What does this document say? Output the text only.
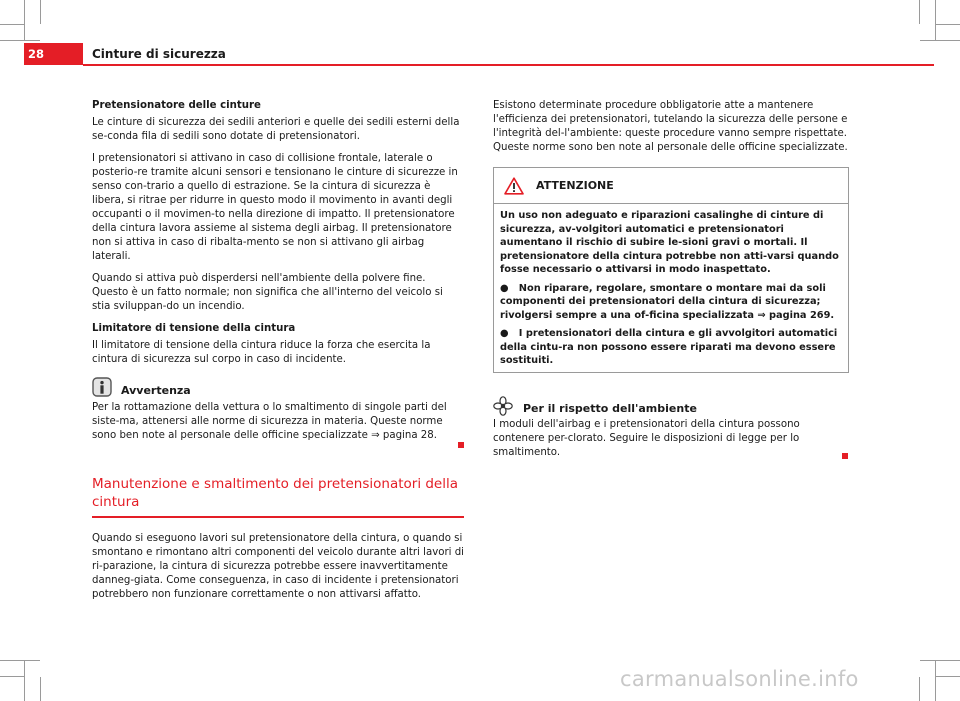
28	Cinture di sicurezza
Pretensionatore delle cinture

Le cinture di sicurezza dei sedili anteriori e quelle dei sedili esterni della se-conda fila di sedili sono dotate di pretensionatori.

I pretensionatori si attivano in caso di collisione frontale, laterale o posterio-re tramite alcuni sensori e tensionano le cinture di sicurezze in senso con-trario a quello di estrazione. Se la cintura di sicurezza è libera, si ritrae per ridurre in questo modo il movimento in avanti degli occupanti o il movimen-to nella direzione di impatto. Il pretensionatore della cintura lavora assieme al sistema degli airbag. Il pretensionatore non si attiva in caso di ribalta-mento se non si attivano gli airbag laterali.

Quando si attiva può disperdersi nell'ambiente della polvere fine. Questo è un fatto normale; non significa che all'interno del veicolo si stia sviluppan-do un incendio.

Limitatore di tensione della cintura

Il limitatore di tensione della cintura riduce la forza che esercita la cintura di sicurezza sul corpo in caso di incidente.

Avvertenza

Per la rottamazione della vettura o lo smaltimento di singole parti del siste-ma, attenersi alle norme di sicurezza in materia. Queste norme sono ben note al personale delle officine specializzate ⇒ pagina 28.

Manutenzione e smaltimento dei pretensionatori della cintura

Quando si eseguono lavori sul pretensionatore della cintura, o quando si smontano e rimontano altri componenti del veicolo durante altri lavori di ri-parazione, la cintura di sicurezza potrebbe essere inavvertitamente danneg-giata. Come conseguenza, in caso di incidente i pretensionatori potrebbero non funzionare correttamente o non attivarsi affatto.

Esistono determinate procedure obbligatorie atte a mantenere l'efficienza dei pretensionatori, tutelando la sicurezza delle persone e l'integrità del-l'ambiente: queste procedure vanno sempre rispettate. Queste norme sono ben note al personale delle officine specializzate.

ATTENZIONE

Un uso non adeguato e riparazioni casalinghe di cinture di sicurezza, av-volgitori automatici e pretensionatori aumentano il rischio di subire le-sioni gravi o mortali. Il pretensionatore della cintura potrebbe non atti-varsi quando fosse necessario o attivarsi in modo inaspettato.

● Non riparare, regolare, smontare o montare mai da soli componenti dei pretensionatori della cintura di sicurezza; rivolgersi sempre a una of-ficina specializzata ⇒ pagina 269.

● I pretensionatori della cintura e gli avvolgitori automatici della cintu-ra non possono essere riparati ma devono essere sostituiti.

Per il rispetto dell'ambiente

I moduli dell'airbag e i pretensionatori della cintura possono contenere per-clorato. Seguire le disposizioni di legge per lo smaltimento.

carmanualsonline.info
